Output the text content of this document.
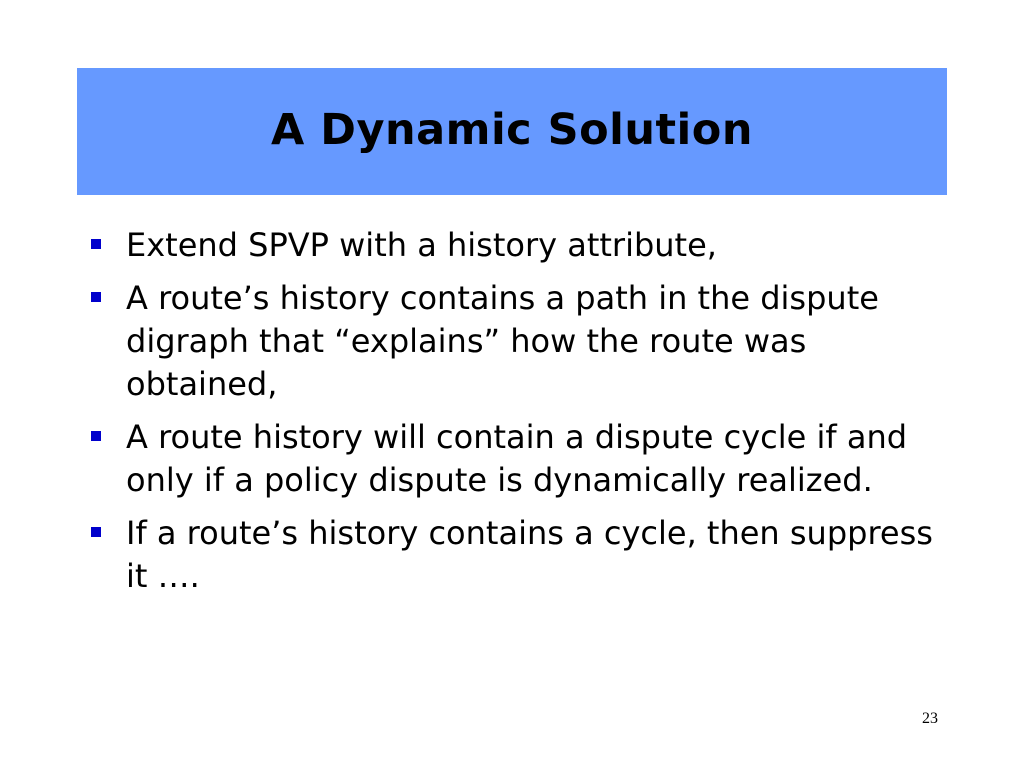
A Dynamic Solution
Extend SPVP with a history attribute,
A route’s history contains a path in the dispute digraph that “explains” how the route was obtained,
A route history will contain a dispute cycle if and only if a policy dispute is dynamically realized.
If a route’s history contains a cycle, then suppress it ….
23
